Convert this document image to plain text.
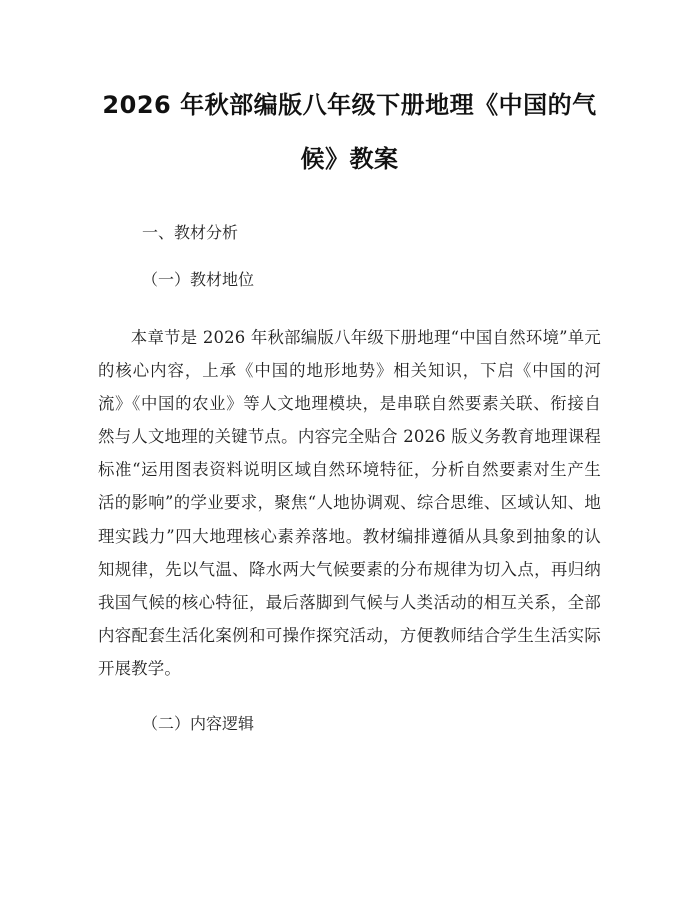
2026 年秋部编版八年级下册地理《中国的气
候》教案

一、教材分析

（一）教材地位

本章节是 2026 年秋部编版八年级下册地理“中国自然环境”单元的核心内容，上承《中国的地形地势》相关知识，下启《中国的河流》《中国的农业》等人文地理模块，是串联自然要素关联、衔接自然与人文地理的关键节点。内容完全贴合 2026 版义务教育地理课程标准“运用图表资料说明区域自然环境特征，分析自然要素对生产生活的影响”的学业要求，聚焦“人地协调观、综合思维、区域认知、地理实践力”四大地理核心素养落地。教材编排遵循从具象到抽象的认知规律，先以气温、降水两大气候要素的分布规律为切入点，再归纳我国气候的核心特征，最后落脚到气候与人类活动的相互关系，全部内容配套生活化案例和可操作探究活动，方便教师结合学生生活实际开展教学。

（二）内容逻辑
